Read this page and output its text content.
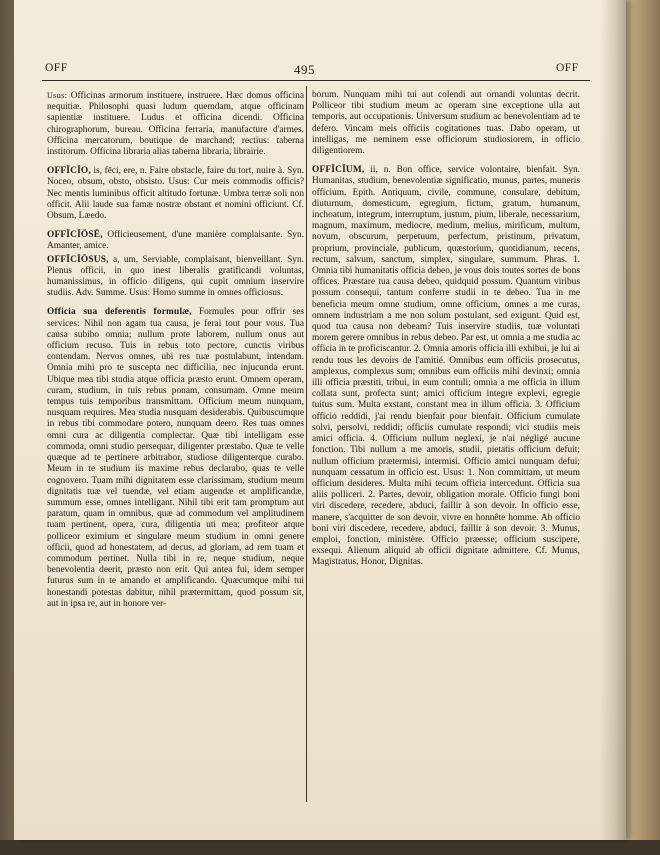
OFF	495	OFF

Usus: Officinas armorum instituere, instruere. Hæc domus officina nequitiæ. Philosophi quasi ludum quemdam, atque officinam sapientiæ instituere. Ludus et officina dicendi. Officina chirographorum, bureau. Officina ferraria, manufacture d'armes. Officina mercatorum, boutique de marchand; rectius: taberna institorum. Officina libraria alias taberna libraria, librairie.

OFFĬCĬO, is, fēci, ere, n. Faire obstacle, faire du tort, nuire à. Syn. Noceo, obsum, obsto, obsisto. Usus: Cur meis commodis officis? Nec mentis luminibus officit altitudo fortunæ. Umbra terræ soli non officit. Alii laude sua famæ nostræ obstant et nomini officiunt. Cf. Obsum, Læedo.

OFFĬCĬŌSĒ, Officieusement, d'une manière complaisante. Syn. Amanter, amice.

OFFĬCĬŌSUS, a, um, Serviable, complaisant, bienveillant. Syn. Plenus officii, in quo inest liberalis gratificandi voluntas, humanissimus, in officio diligens, qui cupit omnium inservire studiis. Adv. Summe. Usus: Homo summe in omnes officiosus.

Officia sua deferentis formulæ, Formules pour offrir ses services: Nihil non agam tua causa, je ferai tout pour vous. Tua causa subibo omnia; nullum prote laborem, nullum onus aut officium recuso. Tuis in rebus toto pectore, cunctis viribus contendam. Nervos omnes, ubi res tuæ postulabunt, intendam. Omnia mihi pro te suscepta nec difficilia, nec injucunda erunt. Ubique mea tibi studia atque officia præsto erunt. Omnem operam, curam, studium, in tuis rebus ponam, consumam. Omne meum tempus tuis temporibus transmittam. Officium meum nunquam, nusquam requires. Mea studia nusquam desiderabis. Quibuscumque in rebus tibi commodare potero, nunquam deero. Res tuas omnes omni cura ac diligentia complectar. Quæ tibi intelligam esse commoda, omni studio persequar, diligenter præstabo. Quæ te velle quæque ad te pertinere arbitrabor, studiose diligenterque curabo. Meum in te studium iis maxime rebus declarabo, quas te velle cognovero. Tuam mihi dignitatem esse clarissimam, studium meum dignitatis tuæ vel tuendæ, vel etiam augendæ et amplificandæ, summum esse, omnes intelligant. Nihil tibi erit tam promptum aut paratum, quam in omnibus, quæ ad commodum vel amplitudinem tuam pertinent, opera, cura, diligentia uti mea; profiteor atque polliceor eximium et singulare meum studium in omni genere officii, quod ad honestatem, ad decus, ad gloriam, ad rem tuam et commodum pertinet. Nulla tibi in re, neque studium, neque benevolentia deerit, præsto non erit. Qui antea fui, idem semper futurus sum in te amando et amplificando. Quæcumque mihi tui honestandi potestas dabitur, nihil prætermittam, quod possum sit, aut in ipsa re, aut in honore ver-

borum. Nunquam mihi tui aut colendi aut ornandi voluntas decrit. Polliceor tibi studium meum ac operam sine exceptione ulla aut temporis, aut occupationis. Universum studium ac benevolentiam ad te defero. Vincam meis officiis cogitationes tuas. Dabo operam, ut intelligas, me neminem esse officiorum studiosiorem, in officio diligentiorem.

OFFĬCĬUM, ii, n. Bon office, service volontaire, bienfait. Syn. Humanitas, studium, benevolentiæ significatio, munus, partes, muneris officium. Epith. Antiquum, civile, commune, consulare, debitum, diuturnum, domesticum, egregium, fictum, gratum, humanum, inchoatum, integrum, interruptum, justum, pium, liberale, necessarium, magnum, maximum, mediocre, medium, melius, mirificum, multum, novum, obscurum, perpetuum, perfectum, pristinum, privatum, proprium, provinciale, publicum, quæstorium, quotidianum, recens, rectum, salvum, sanctum, simplex, singulare, summum. Phras. 1. Omnia tibi humanitatis officia debeo, je vous dois toutes sortes de bons offices. Præstare tua causa debeo, quidquid possum. Quantum viribus possum consequi, tantum conferre studii in te debeo. Tua in me beneficia meum omne studium, omne officium, omnes a me curas, omnem industriam a me non solum postulant, sed exigunt. Quid est, quod tua causa non debeam? Tuis inservire studiis, tuæ voluntati morem gerere omnibus in rebus debeo. Par est, ut omnia a me studia ac officia in te proficiscantur. 2. Omnia amoris officia illi exhibui, je lui ai rendu tous les devoirs de l'amitié. Omnibus eum officiis prosecutus, amplexus, complexus sum; omnibus eum officiis mihi devinxi; omnia illi officia præstiti, tribui, in eum contuli; omnia a me officia in illum collata sunt, profecta sunt; amici officium integre explevi, egregie tuitus sum. Multa exstant, constant mea in illum officia. 3. Officium officio reddidi, j'ai rendu bienfait pour bienfait. Officium cumulate solvi, persolvi, reddidi; officiis cumulate respondi; vici studiis meis amici officia. 4. Officium nullum neglexi, je n'ai négligé aucune fonction. Tibi nullum a me amoris, studii, pietatis officium defuit; nullum officium prætermisi, intermisi. Officio amici nunquam defui; nunquam cessatum in officio est. Usus: 1. Non committam, ut meum officium desideres. Multa mihi tecum officia intercedunt. Officia sua aliis polliceri. 2. Partes, devoir, obligation morale. Officio fungi boni viri discedere, recedere, abduci, faillir à son devoir. In officio esse, manere, s'acquitter de son devoir, vivre en honnête homme. Ab officio boni viri discedere, recedere, abduci, faillir à son devoir. 3. Munus, emploi, fonction, ministère. Officio præesse; officium suscipere, exsequi. Alienum aliquid ab officii dignitate admittere. Cf. Munus, Magistratus, Honor, Dignitas.
